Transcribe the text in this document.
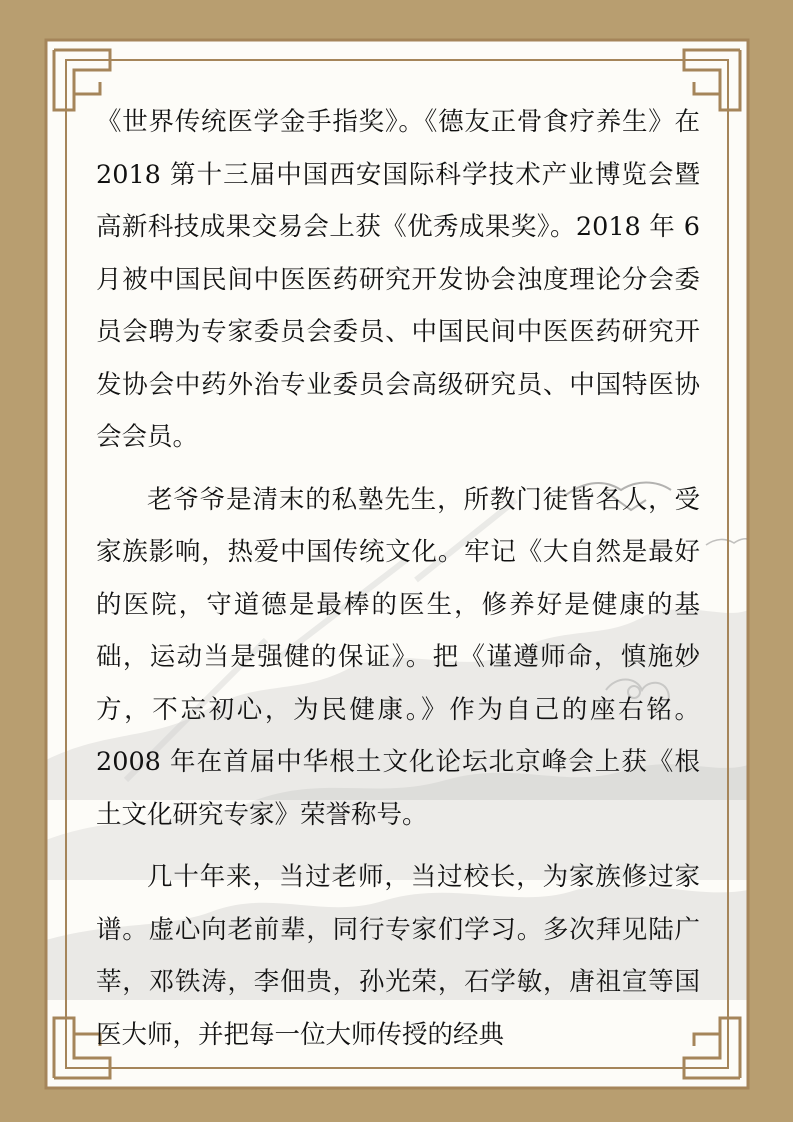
《世界传统医学金手指奖》。《德友正骨食疗养生》在 2018 第十三届中国西安国际科学技术产业博览会暨高新科技成果交易会上获《优秀成果奖》。2018 年 6 月被中国民间中医医药研究开发协会浊度理论分会委员会聘为专家委员会委员、中国民间中医医药研究开发协会中药外治专业委员会高级研究员、中国特医协会会员。

老爷爷是清末的私塾先生，所教门徒皆名人，受家族影响，热爱中国传统文化。牢记《大自然是最好的医院，守道德是最棒的医生，修养好是健康的基础，运动当是强健的保证》。把《谨遵师命，慎施妙方，不忘初心，为民健康。》作为自己的座右铭。2008 年在首届中华根土文化论坛北京峰会上获《根土文化研究专家》荣誉称号。

几十年来，当过老师，当过校长，为家族修过家谱。虚心向老前辈，同行专家们学习。多次拜见陆广莘，邓铁涛，李佃贵，孙光荣，石学敏，唐祖宣等国医大师，并把每一位大师传授的经典
